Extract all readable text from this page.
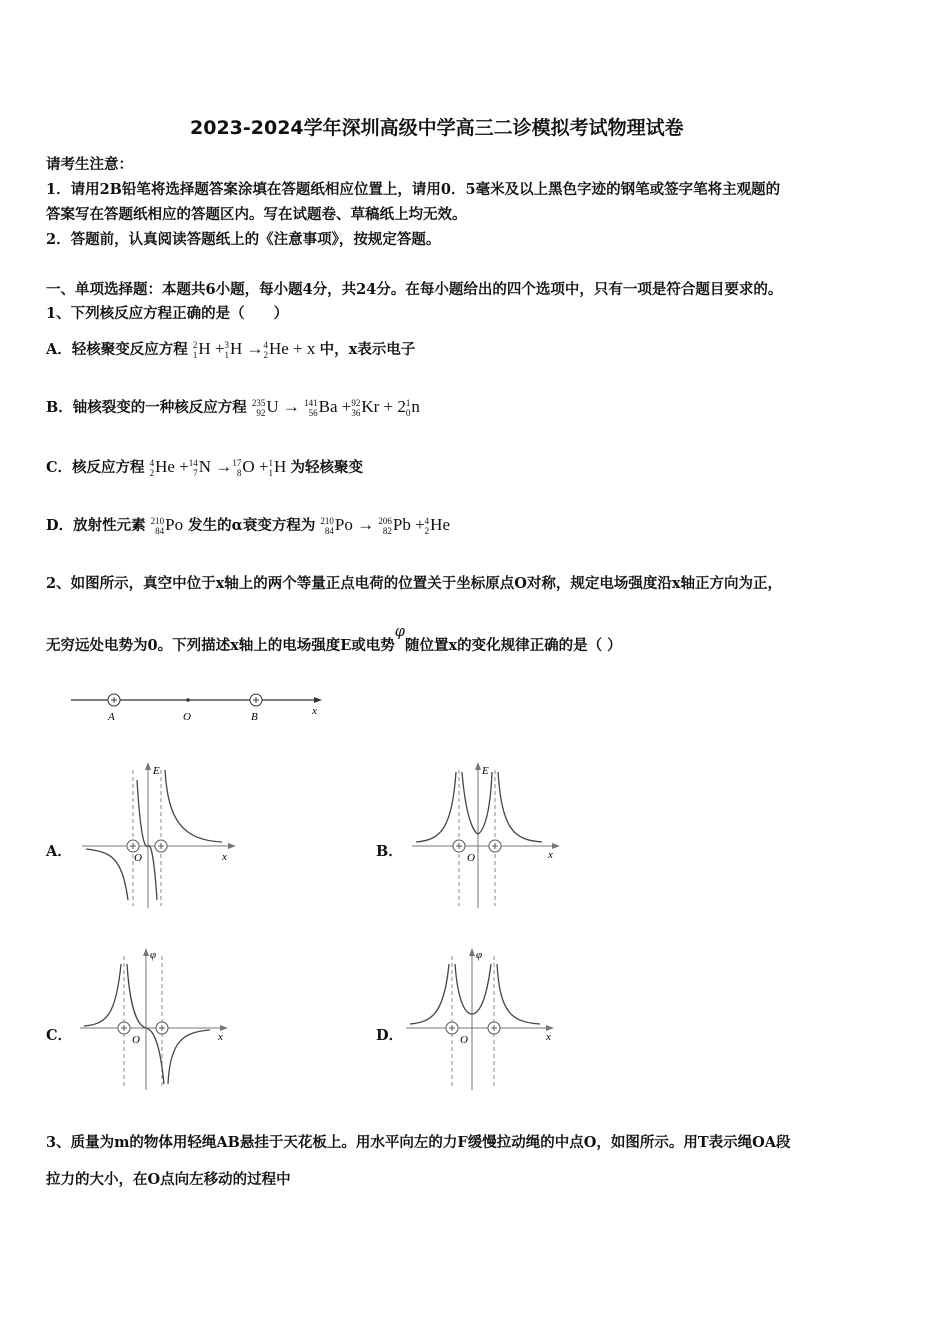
2023-2024学年深圳高级中学高三二诊模拟考试物理试卷
请考生注意：
1．请用2B铅笔将选择题答案涂填在答题纸相应位置上，请用0．5毫米及以上黑色字迹的钢笔或签字笔将主观题的
答案写在答题纸相应的答题区内。写在试题卷、草稿纸上均无效。
2．答题前，认真阅读答题纸上的《注意事项》，按规定答题。
一、单项选择题：本题共6小题，每小题4分，共24分。在每小题给出的四个选项中，只有一项是符合题目要求的。
1、下列核反应方程正确的是（　　）
A．轻核聚变反应方程 2
1 H + 3
1 H → 4
2 He + x 中，x表示电子
B．铀核裂变的一种核反应方程 235
92 U → 141
56 Ba + 92
36 Kr + 2 1
0 n
C．核反应方程 4
2 He + 14
7 N → 17
8 O + 1
1 H 为轻核聚变
D．放射性元素 210
84 Po 发生的α衰变方程为 210
84 Po → 206
82 Pb + 4
2 He
2、如图所示，真空中位于x轴上的两个等量正点电荷的位置关于坐标原点O对称，规定电场强度沿x轴正方向为正，
无穷远处电势为0。下列描述x轴上的电场强度E或电势φ随位置x的变化规律正确的是（ ）
A	O	B	x
A．	B．
C．	D．
E
O	x
E
O	x
φ
O	x
φ
O	x
3、质量为m的物体用轻绳AB悬挂于天花板上。用水平向左的力F缓慢拉动绳的中点O，如图所示。用T表示绳OA段
拉力的大小，在O点向左移动的过程中
